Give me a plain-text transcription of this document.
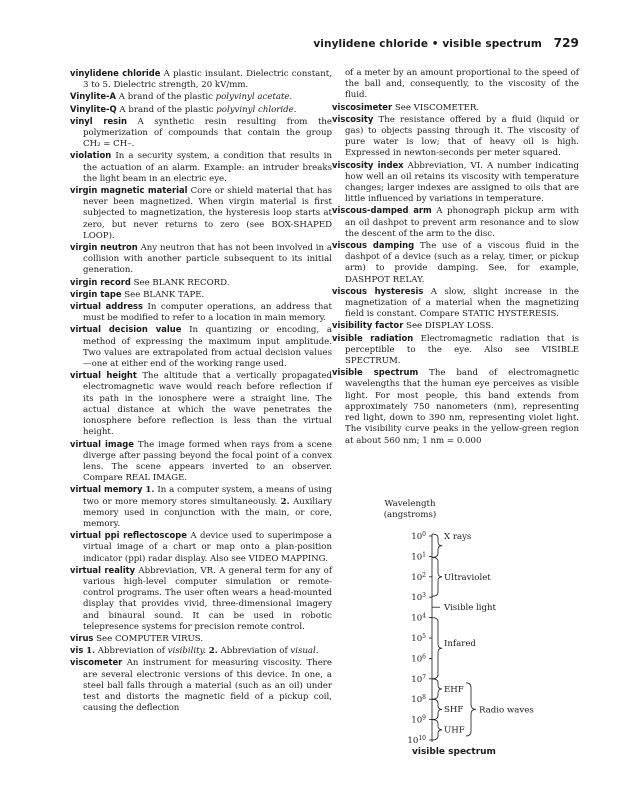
vinylidene chloride • visible spectrum 729

vinylidene chloride A plastic insulant. Dielectric constant, 3 to 5. Dielectric strength, 20 kV/mm.

Vinylite-A A brand of the plastic polyvinyl acetate.

Vinylite-Q A brand of the plastic polyvinyl chloride.

vinyl resin A synthetic resin resulting from the polymerization of compounds that contain the group CH₂ = CH–.

violation In a security system, a condition that results in the actuation of an alarm. Example: an intruder breaks the light beam in an electric eye.

virgin magnetic material Core or shield material that has never been magnetized. When virgin material is first subjected to magnetization, the hysteresis loop starts at zero, but never returns to zero (see BOX-SHAPED LOOP).

virgin neutron Any neutron that has not been involved in a collision with another particle subsequent to its initial generation.

virgin record See BLANK RECORD.

virgin tape See BLANK TAPE.

virtual address In computer operations, an address that must be modified to refer to a location in main memory.

virtual decision value In quantizing or encoding, a method of expressing the maximum input amplitude. Two values are extrapolated from actual decision values—one at either end of the working range used.

virtual height The altitude that a vertically propagated electromagnetic wave would reach before reflection if its path in the ionosphere were a straight line. The actual distance at which the wave penetrates the ionosphere before reflection is less than the virtual height.

virtual image The image formed when rays from a scene diverge after passing beyond the focal point of a convex lens. The scene appears inverted to an observer. Compare REAL IMAGE.

virtual memory 1. In a computer system, a means of using two or more memory stores simultaneously. 2. Auxiliary memory used in conjunction with the main, or core, memory.

virtual ppi reflectoscope A device used to superimpose a virtual image of a chart or map onto a plan-position indicator (ppi) radar display. Also see VIDEO MAPPING.

virtual reality Abbreviation, VR. A general term for any of various high-level computer simulation or remote-control programs. The user often wears a head-mounted display that provides vivid, three-dimensional imagery and binaural sound. It can be used in robotic telepresence systems for precision remote control.

virus See COMPUTER VIRUS.

vis 1. Abbreviation of visibility. 2. Abbreviation of visual.

viscometer An instrument for measuring viscosity. There are several electronic versions of this device. In one, a steel ball falls through a material (such as an oil) under test and distorts the magnetic field of a pickup coil, causing the deflection

of a meter by an amount proportional to the speed of the ball and, consequently, to the viscosity of the fluid.

viscosimeter See VISCOMETER.

viscosity The resistance offered by a fluid (liquid or gas) to objects passing through it. The viscosity of pure water is low; that of heavy oil is high. Expressed in newton-seconds per meter squared.

viscosity index Abbreviation, VI. A number indicating how well an oil retains its viscosity with temperature changes; larger indexes are assigned to oils that are little influenced by variations in temperature.

viscous-damped arm A phonograph pickup arm with an oil dashpot to prevent arm resonance and to slow the descent of the arm to the disc.

viscous damping The use of a viscous fluid in the dashpot of a device (such as a relay, timer, or pickup arm) to provide damping. See, for example, DASHPOT RELAY.

viscous hysteresis A slow, slight increase in the magnetization of a material when the magnetizing field is constant. Compare STATIC HYSTERESIS.

visibility factor See DISPLAY LOSS.

visible radiation Electromagnetic radiation that is perceptible to the eye. Also see VISIBLE SPECTRUM.

visible spectrum The band of electromagnetic wavelengths that the human eye perceives as visible light. For most people, this band extends from approximately 750 nanometers (nm), representing red light, down to 390 nm, representing violet light. The visibility curve peaks in the yellow-green region at about 560 nm; 1 nm = 0.000

Wavelength
(angstroms)
$10^0$
$10^1$
$10^2$
$10^3$
$10^4$
$10^5$
$10^6$
$10^7$
$10^8$
$10^9$
$10^{10}$
X rays
Ultraviolet
Visible light
Infared
EHF
SHF
UHF
Radio waves
visible spectrum
